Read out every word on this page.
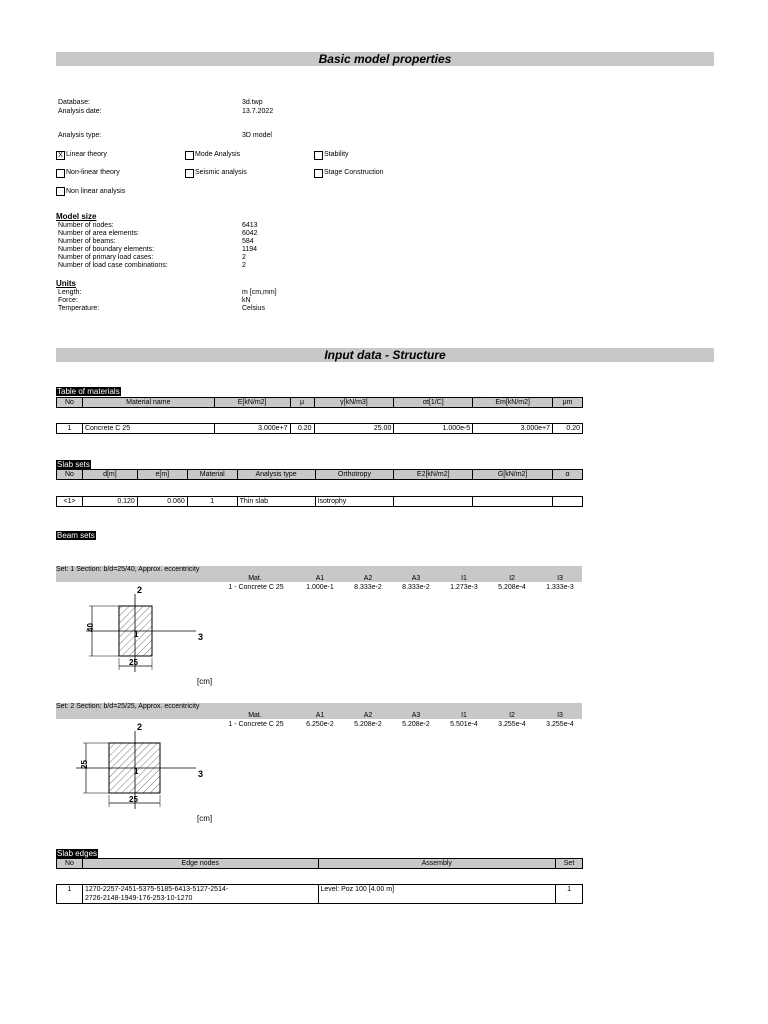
Basic model properties
Database:	3d.twp
Analysis date:	13.7.2022
Analysis type:	3D model
X Linear theory	Mode Analysis	Stability
Non-linear theory	Seismic analysis	Stage Construction
Non linear analysis
Model size
Number of nodes:	6413
Number of area elements:	6042
Number of beams:	584
Number of boundary elements:	1194
Number of primary load cases:	2
Number of load case combinations:	2
Units
Length:	m [cm,mm]
Force:	kN
Temperature:	Celsius
Input data - Structure
Table of materials
No	Material name	E[kN/m2]	μ	γ[kN/m3]	αt[1/C]	Em[kN/m2]	μm
1	Concrete C 25	3.000e+7	0.20	25.00	1.000e-5	3.000e+7	0.20
Slab sets
No	d[m]	e[m]	Material	Analysis type	Orthotropy	E2[kN/m2]	G[kN/m2]	α
<1>	0.120	0.060	1	Thin slab	Isotrophy
Beam sets
Set: 1 Section: b/d=25/40, Approx. eccentricity
Mat.	A1	A2	A3	I1	I2	I3
1 - Concrete C 25	1.000e-1	8.333e-2	8.333e-2	1.273e-3	5.208e-4	1.333e-3
2
3
1
40
25
[cm]
Set: 2 Section: b/d=25/25, Approx. eccentricity
Mat.	A1	A2	A3	I1	I2	I3
1 - Concrete C 25	6.250e-2	5.208e-2	5.208e-2	5.501e-4	3.255e-4	3.255e-4
2
3
1
25
25
[cm]
Slab edges
No	Edge nodes	Assembly	Set
1	1270-2257-2451-5375-5185-6413-5127-2514-
2726-2148-1949-176-253-10-1270
Level: Poz 100 [4.00 m]	1
